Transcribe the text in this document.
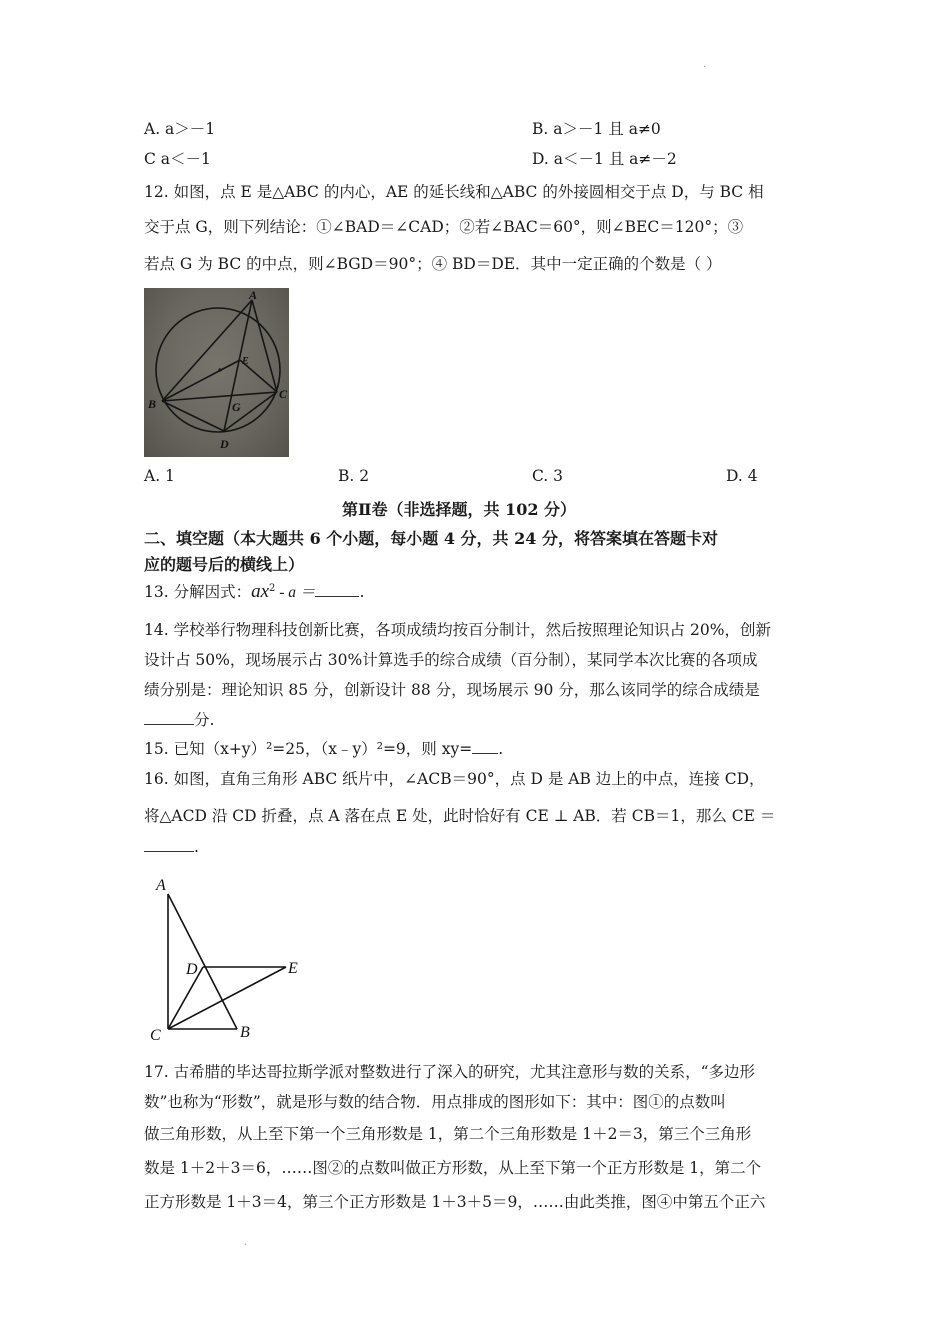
·
·
A. a＞－1	B. a＞－1 且 a≠0
C a＜－1	D. a＜－1 且 a≠－2
12. 如图，点 E 是△ABC 的内心，AE 的延长线和△ABC 的外接圆相交于点 D，与 BC 相
交于点 G，则下列结论：①∠BAD＝∠CAD；②若∠BAC＝60°，则∠BEC＝120°；③
若点 G 为 BC 的中点，则∠BGD＝90°；④ BD＝DE．其中一定正确的个数是（ ）
A
B
C
D
E
G
A. 1	B. 2	C. 3	D. 4
第Ⅱ卷（非选择题，共 102 分）
二、填空题（本大题共 6 个小题，每小题 4 分，共 24 分，将答案填在答题卡对
应的题号后的横线上）
13. 分解因式：$ax^2$ - a ＝	.
14. 学校举行物理科技创新比赛，各项成绩均按百分制计，然后按照理论知识占 20%，创新
设计占 50%，现场展示占 30%计算选手的综合成绩（百分制），某同学本次比赛的各项成
绩分别是：理论知识 85 分，创新设计 88 分，现场展示 90 分，那么该同学的综合成绩是
分.
15. 已知（x+y）²=25，（x﹣y）²=9，则 xy= .
16. 如图，直角三角形 ABC 纸片中，∠ACB＝90°，点 D 是 AB 边上的中点，连接 CD，
将△ACD 沿 CD 折叠，点 A 落在点 E 处，此时恰好有 CE ⊥ AB．若 CB＝1，那么 CE ＝
.
A
B
C
D	E
17. 古希腊的毕达哥拉斯学派对整数进行了深入的研究，尤其注意形与数的关系，“多边形
数”也称为“形数”，就是形与数的结合物．用点排成的图形如下：其中：图①的点数叫
做三角形数，从上至下第一个三角形数是 1，第二个三角形数是 1＋2＝3，第三个三角形
数是 1＋2＋3＝6，……图②的点数叫做正方形数，从上至下第一个正方形数是 1，第二个
正方形数是 1＋3＝4，第三个正方形数是 1＋3＋5＝9，……由此类推，图④中第五个正六
